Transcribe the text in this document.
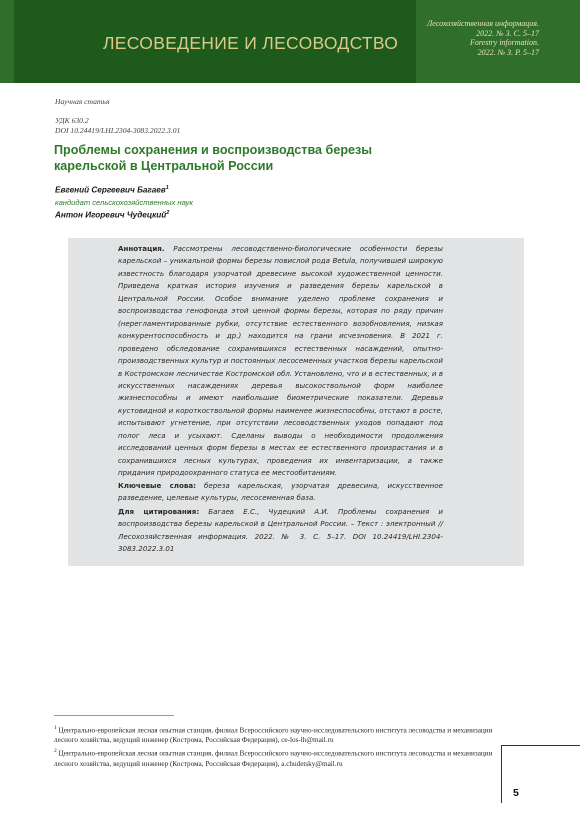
ЛЕСОВЕДЕНИЕ И ЛЕСОВОДСТВО
Лесохозяйственная информация.
2022. № 3. С. 5–17
Forestry information.
2022. № 3. P. 5–17
Научная статья
УДК 630.2
DOI 10.24419/LHI.2304-3083.2022.3.01
Проблемы сохранения и воспроизводства березы карельской в Центральной России
Евгений Сергеевич Багаев$^1$
кандидат сельскохозяйственных наук
Антон Игоревич Чудецкий$^2$

Аннотация. Рассмотрены лесоводственно-биологические особенности березы карельской – уникальной формы березы повислой рода Betula, получившей широкую известность благодаря узорчатой древесине высокой художественной ценности. Приведена краткая история изучения и разведения березы карельской в Центральной России. Особое внимание уделено проблеме сохранения и воспроизводства генофонда этой ценной формы березы, которая по ряду причин (нерегламентированные рубки, отсутствие естественного возобновления, низкая конкурентоспособность и др.) находится на грани исчезновения. В 2021 г. проведено обследование сохранившихся естественных насаждений, опытно-производственных культур и постоянных лесосеменных участков березы карельской в Костромском лесничестве Костромской обл. Установлено, что и в естественных, и в искусственных насаждениях деревья высокоствольной форм наиболее жизнеспособны и имеют наибольшие биометрические показатели. Деревья кустовидной и короткоствольной формы наименее жизнеспособны, отстают в росте, испытывают угнетение, при отсутствии лесоводственных уходов попадают под полог леса и усыхают. Сделаны выводы о необходимости продолжения исследований ценных форм березы в местах ее естественного произрастания и в сохранившихся лесных культурах, проведения их инвентаризации, а также придания природоохранного статуса ее местообитаниям.

Ключевые слова: береза карельская, узорчатая древесина, искусственное разведение, целевые культуры, лесосеменная база.

Для цитирования: Багаев Е.С., Чудецкий А.И. Проблемы сохранения и воспроизводства березы карельской в Центральной России. – Текст : электронный // Лесохозяйственная информация. 2022. № 3. С. 5–17. DOI 10.24419/LHI.2304-3083.2022.3.01

$^1$ Центрально-европейская лесная опытная станция, филиал Всероссийского научно-исследовательского института лесоводства и механизации лесного хозяйства, ведущий инженер (Кострома, Российская Федерация), ce-los-lh@mail.ru

$^2$ Центрально-европейская лесная опытная станция, филиал Всероссийского научно-исследовательского института лесоводства и механизации лесного хозяйства, ведущий инженер (Кострома, Российская Федерация), a.chudetsky@mail.ru

5
